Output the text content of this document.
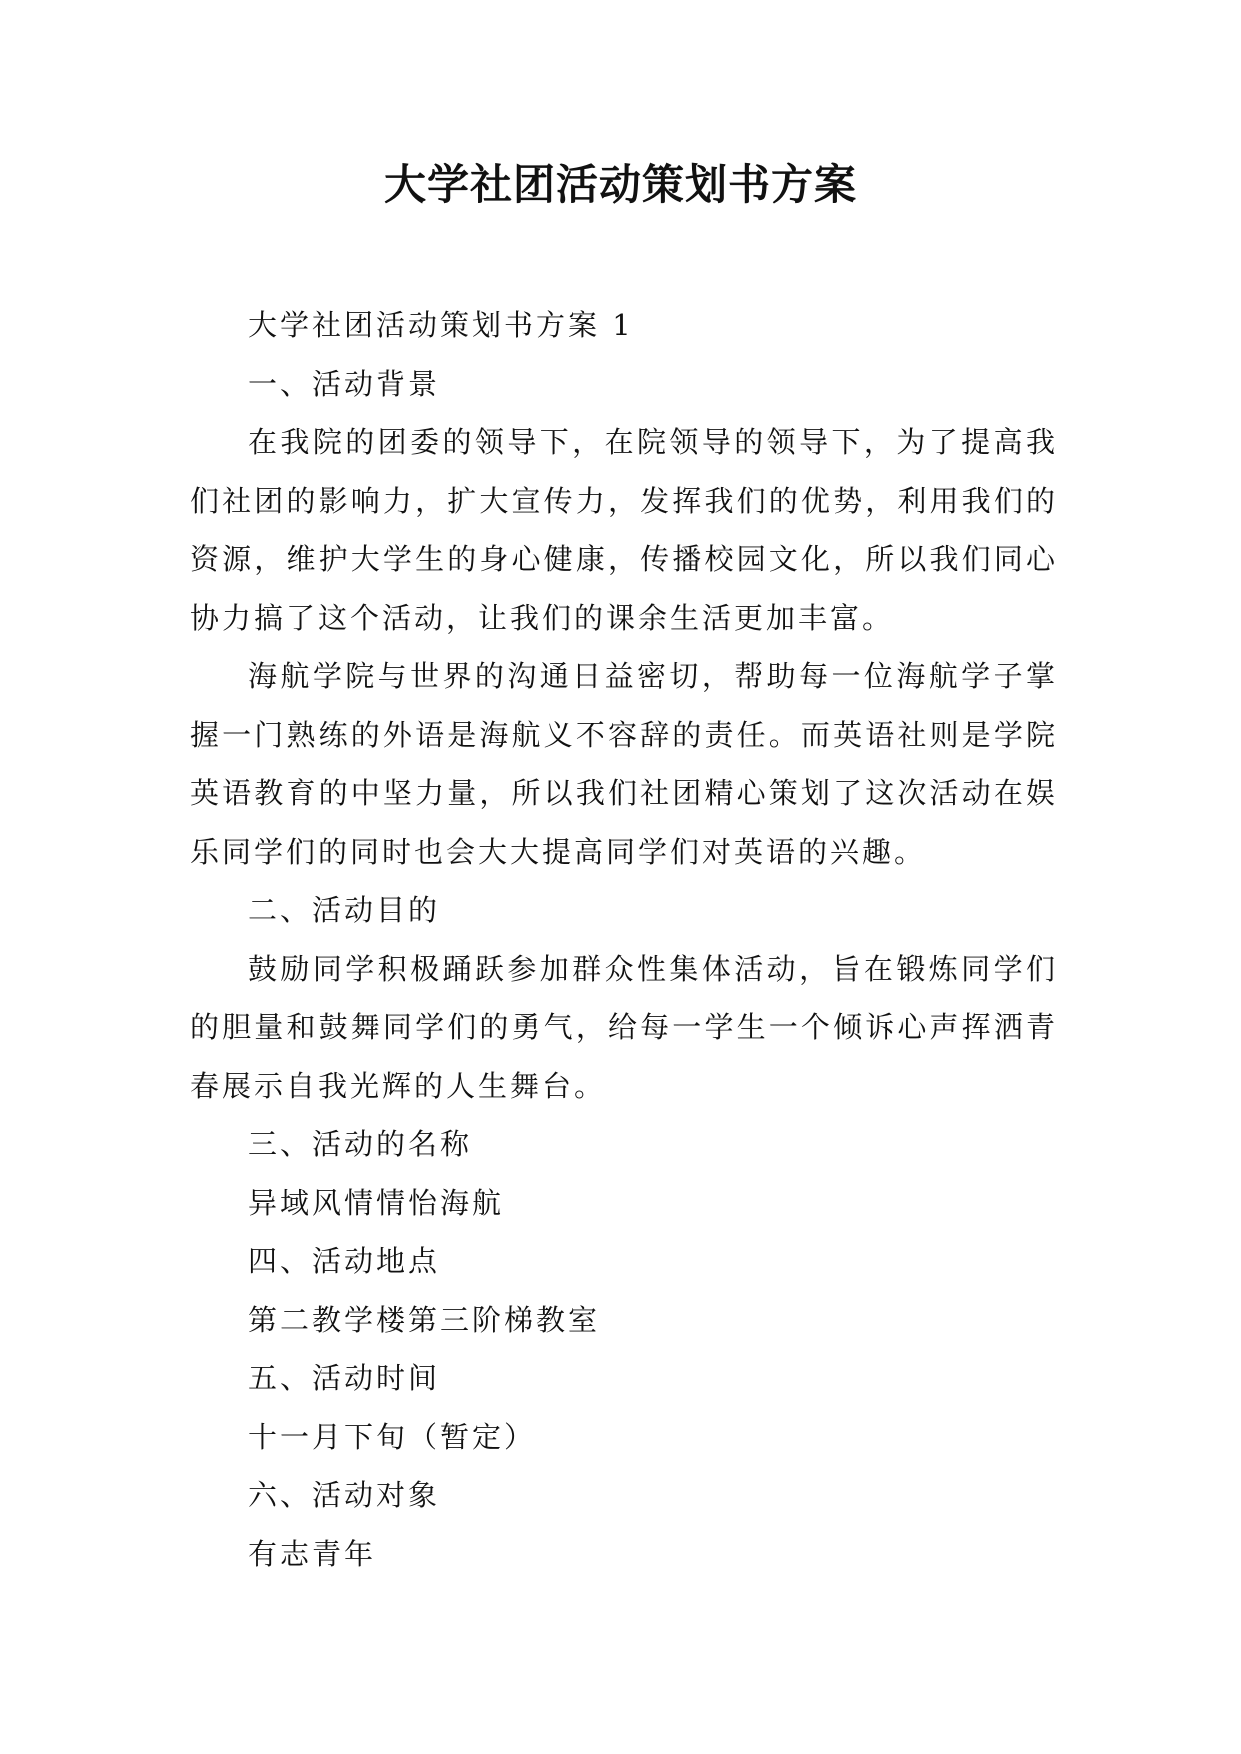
大学社团活动策划书方案

大学社团活动策划书方案 1

一、活动背景

在我院的团委的领导下，在院领导的领导下，为了提高我们社团的影响力，扩大宣传力，发挥我们的优势，利用我们的资源，维护大学生的身心健康，传播校园文化，所以我们同心协力搞了这个活动，让我们的课余生活更加丰富。

海航学院与世界的沟通日益密切，帮助每一位海航学子掌握一门熟练的外语是海航义不容辞的责任。而英语社则是学院英语教育的中坚力量，所以我们社团精心策划了这次活动在娱乐同学们的同时也会大大提高同学们对英语的兴趣。

二、活动目的

鼓励同学积极踊跃参加群众性集体活动，旨在锻炼同学们的胆量和鼓舞同学们的勇气，给每一学生一个倾诉心声挥洒青春展示自我光辉的人生舞台。

三、活动的名称

异域风情情怡海航

四、活动地点

第二教学楼第三阶梯教室

五、活动时间

十一月下旬（暂定）

六、活动对象

有志青年
